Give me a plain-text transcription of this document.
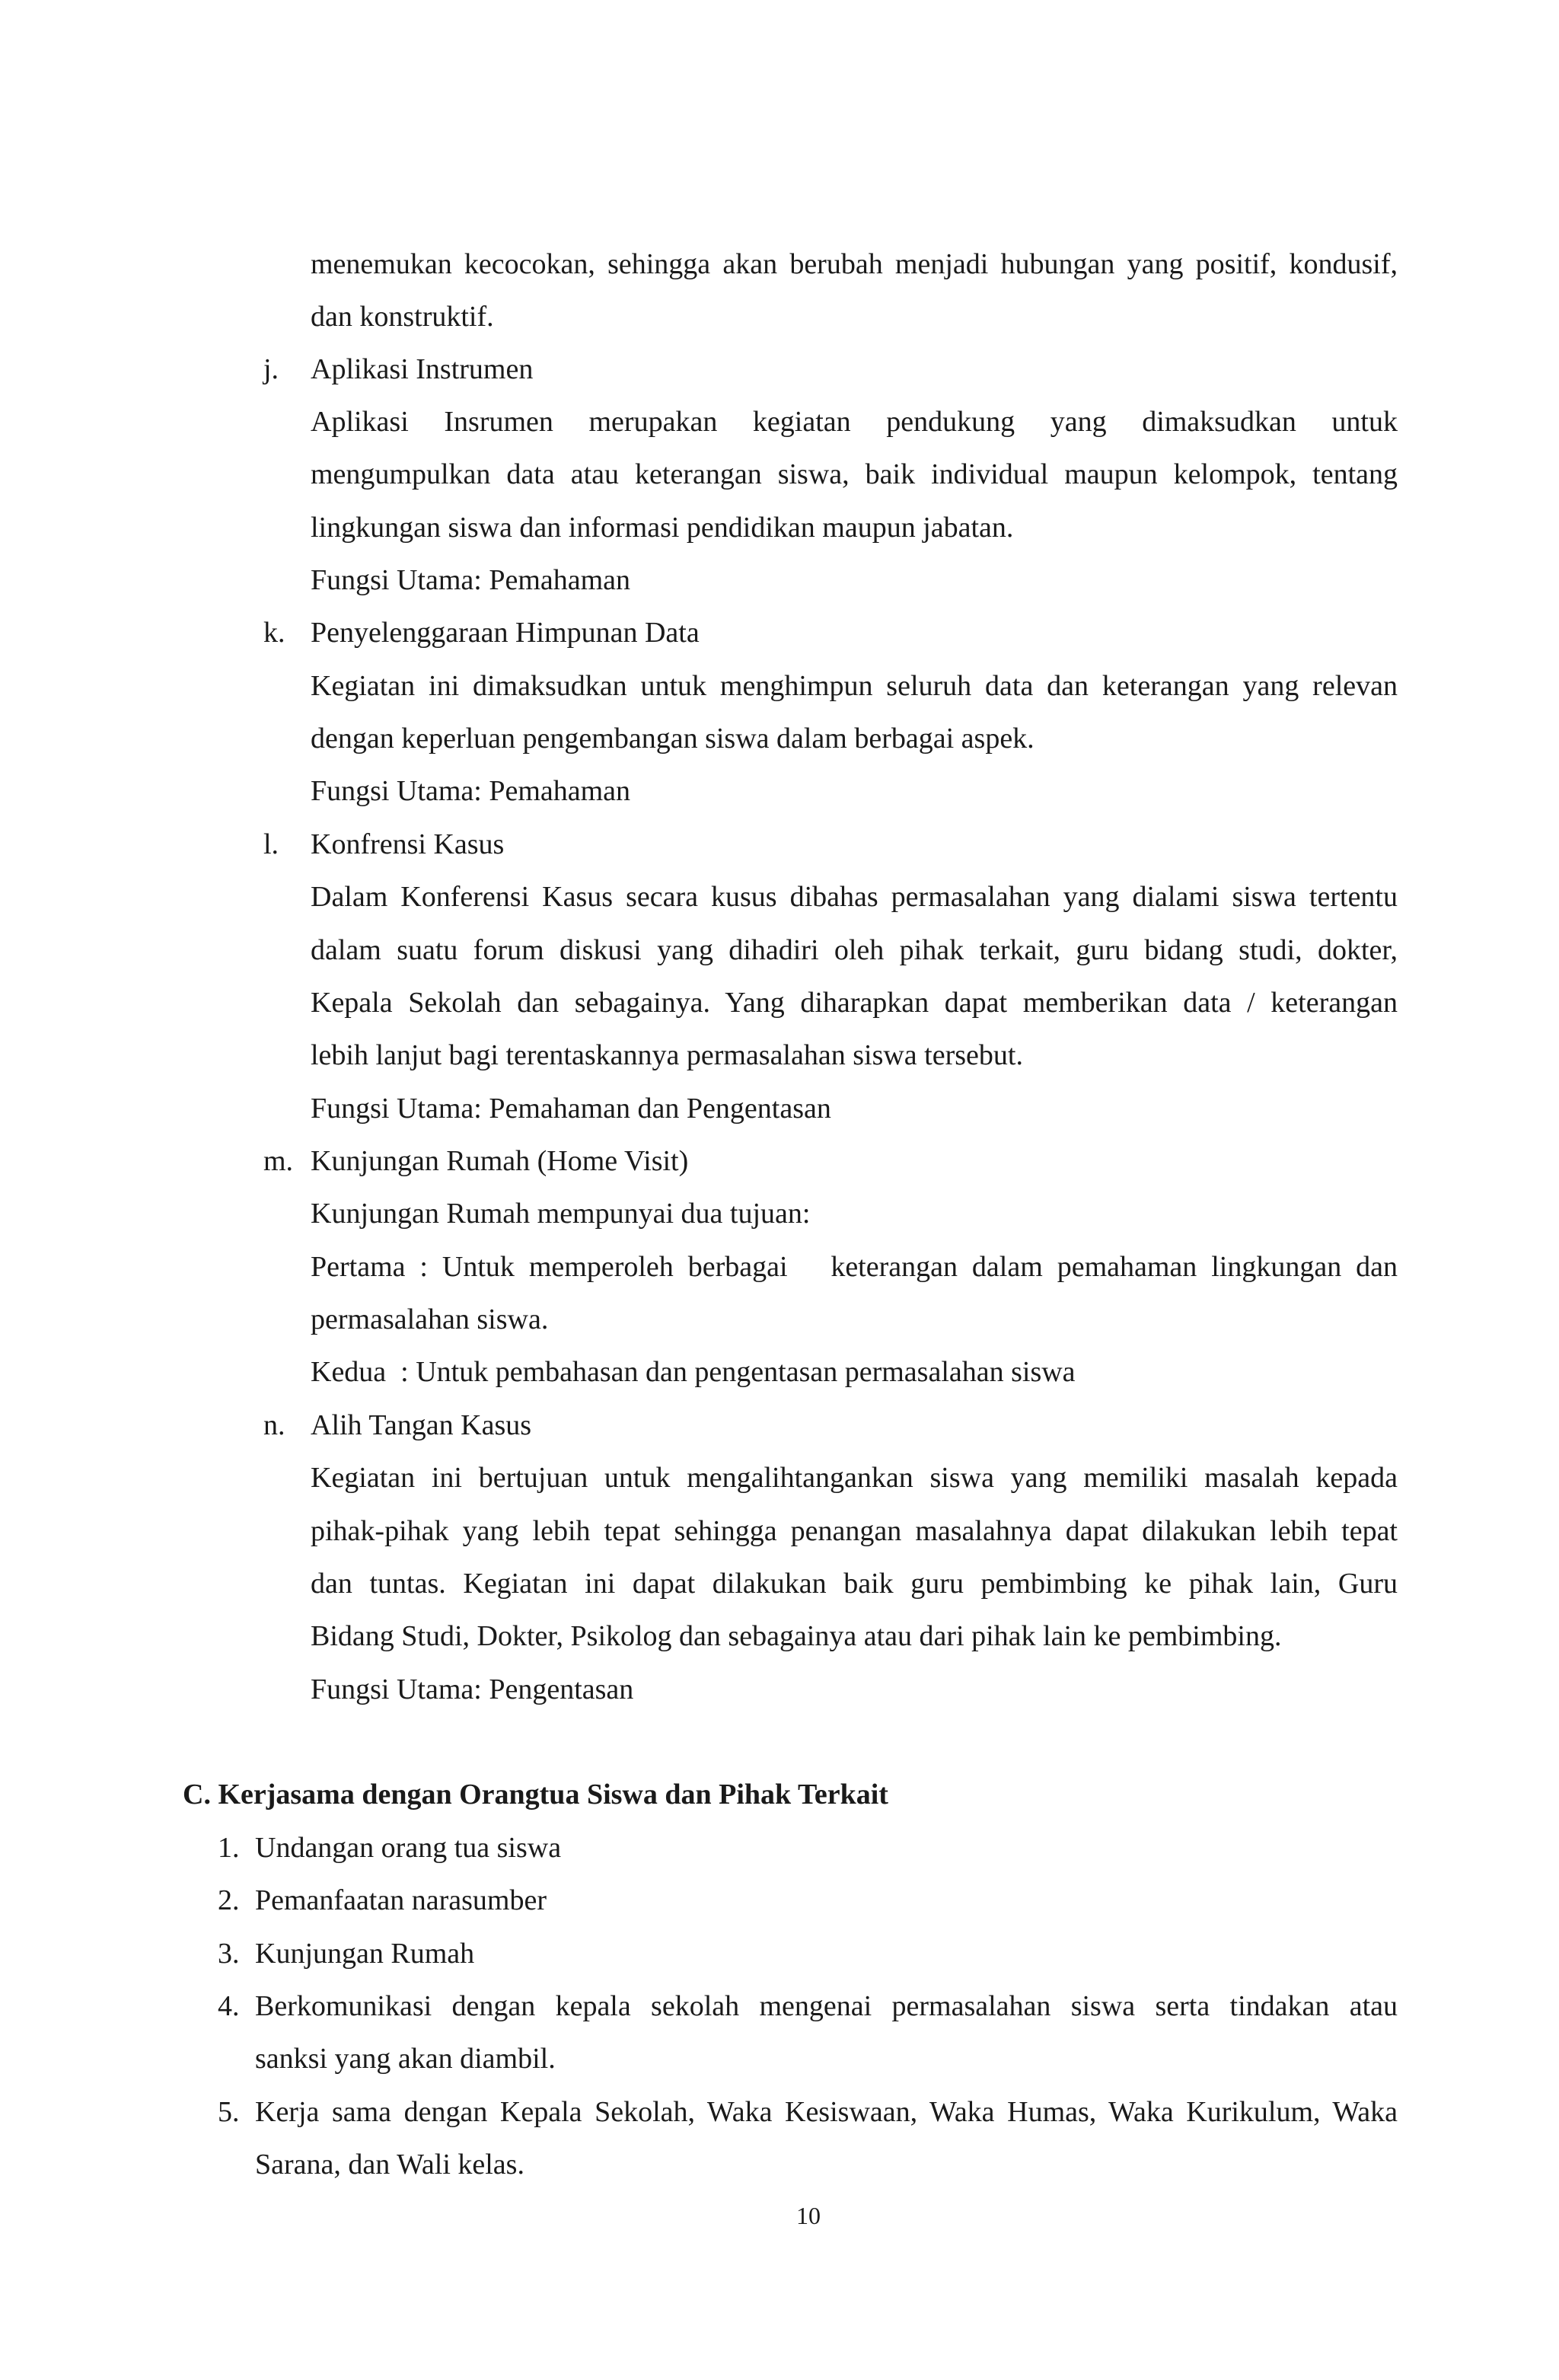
menemukan kecocokan, sehingga akan berubah menjadi hubungan yang positif, kondusif,
dan konstruktif.
j. Aplikasi Instrumen
Aplikasi Insrumen merupakan kegiatan pendukung yang dimaksudkan untuk
mengumpulkan data atau keterangan siswa, baik individual maupun kelompok, tentang
lingkungan siswa dan informasi pendidikan maupun jabatan.
Fungsi Utama: Pemahaman
k. Penyelenggaraan Himpunan Data
Kegiatan ini dimaksudkan untuk menghimpun seluruh data dan keterangan yang relevan
dengan keperluan pengembangan siswa dalam berbagai aspek.
Fungsi Utama: Pemahaman
l. Konfrensi Kasus
Dalam Konferensi Kasus secara kusus dibahas permasalahan yang dialami siswa tertentu
dalam suatu forum diskusi yang dihadiri oleh pihak terkait, guru bidang studi, dokter,
Kepala Sekolah dan sebagainya. Yang diharapkan dapat memberikan data / keterangan
lebih lanjut bagi terentaskannya permasalahan siswa tersebut.
Fungsi Utama: Pemahaman dan Pengentasan
m. Kunjungan Rumah (Home Visit)
Kunjungan Rumah mempunyai dua tujuan:
Pertama : Untuk memperoleh berbagai   keterangan dalam pemahaman lingkungan dan
permasalahan siswa.
Kedua  : Untuk pembahasan dan pengentasan permasalahan siswa
n. Alih Tangan Kasus
Kegiatan ini bertujuan untuk mengalihtangankan siswa yang memiliki masalah kepada
pihak-pihak yang lebih tepat sehingga penangan masalahnya dapat dilakukan lebih tepat
dan tuntas. Kegiatan ini dapat dilakukan baik guru pembimbing ke pihak lain, Guru
Bidang Studi, Dokter, Psikolog dan sebagainya atau dari pihak lain ke pembimbing.
Fungsi Utama: Pengentasan
C. Kerjasama dengan Orangtua Siswa dan Pihak Terkait
1. Undangan orang tua siswa
2. Pemanfaatan narasumber
3. Kunjungan Rumah
4. Berkomunikasi dengan kepala sekolah mengenai permasalahan siswa serta tindakan atau
sanksi yang akan diambil.
5. Kerja sama dengan Kepala Sekolah, Waka Kesiswaan, Waka Humas, Waka Kurikulum, Waka
Sarana, dan Wali kelas.
10
